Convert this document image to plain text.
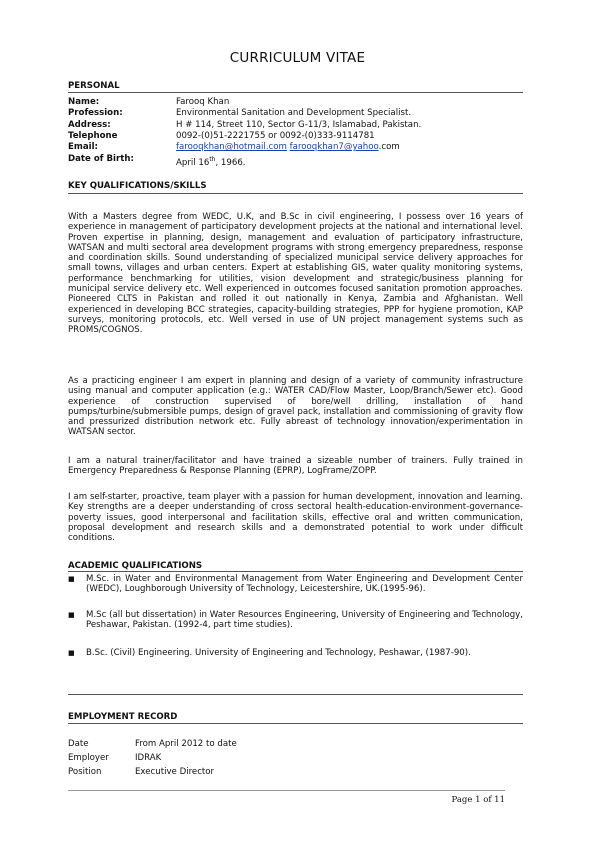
CURRICULUM VITAE
PERSONAL
Name:	Farooq Khan
Profession:	Environmental Sanitation and Development Specialist.
Address:	H # 114, Street 110, Sector G-11/3, Islamabad, Pakistan.
Telephone	0092-(0)51-2221755 or 0092-(0)333-9114781
Email:	farooqkhan@hotmail.com farooqkhan7@yahoo.com
Date of Birth:	April 16th, 1966.
KEY QUALIFICATIONS/SKILLS
With a Masters degree from WEDC, U.K, and B.Sc in civil engineering, I possess over 16 years of experience in management of participatory development projects at the national and international level. Proven expertise in planning, design, management and evaluation of participatory infrastructure, WATSAN and multi sectoral area development programs with strong emergency preparedness, response and coordination skills. Sound understanding of specialized municipal service delivery approaches for small towns, villages and urban centers. Expert at establishing GIS, water quality monitoring systems, performance benchmarking for utilities, vision development and strategic/business planning for municipal service delivery etc. Well experienced in outcomes focused sanitation promotion approaches. Pioneered CLTS in Pakistan and rolled it out nationally in Kenya, Zambia and Afghanistan. Well experienced in developing BCC strategies, capacity-building strategies, PPP for hygiene promotion, KAP surveys, monitoring protocols, etc. Well versed in use of UN project management systems such as PROMS/COGNOS.
As a practicing engineer I am expert in planning and design of a variety of community infrastructure using manual and computer application (e.g.: WATER CAD/Flow Master, Loop/Branch/Sewer etc). Good experience of construction supervised of bore/well drilling, installation of hand pumps/turbine/submersible pumps, design of gravel pack, installation and commissioning of gravity flow and pressurized distribution network etc. Fully abreast of technology innovation/experimentation in WATSAN sector.
I am a natural trainer/facilitator and have trained a sizeable number of trainers. Fully trained in Emergency Preparedness & Response Planning (EPRP), LogFrame/ZOPP.
I am self-starter, proactive, team player with a passion for human development, innovation and learning. Key strengths are a deeper understanding of cross sectoral health-education-environment-governance-poverty issues, good interpersonal and facilitation skills, effective oral and written communication, proposal development and research skills and a demonstrated potential to work under difficult conditions.
ACADEMIC QUALIFICATIONS
■ M.Sc. in Water and Environmental Management from Water Engineering and Development Center (WEDC), Loughborough University of Technology, Leicestershire, UK.(1995-96).
■ M.Sc (all but dissertation) in Water Resources Engineering, University of Engineering and Technology, Peshawar, Pakistan. (1992-4, part time studies).
■ B.Sc. (Civil) Engineering. University of Engineering and Technology, Peshawar, (1987-90).
EMPLOYMENT RECORD
Date	From April 2012 to date
Employer	IDRAK
Position	Executive Director
Page 1 of 11
